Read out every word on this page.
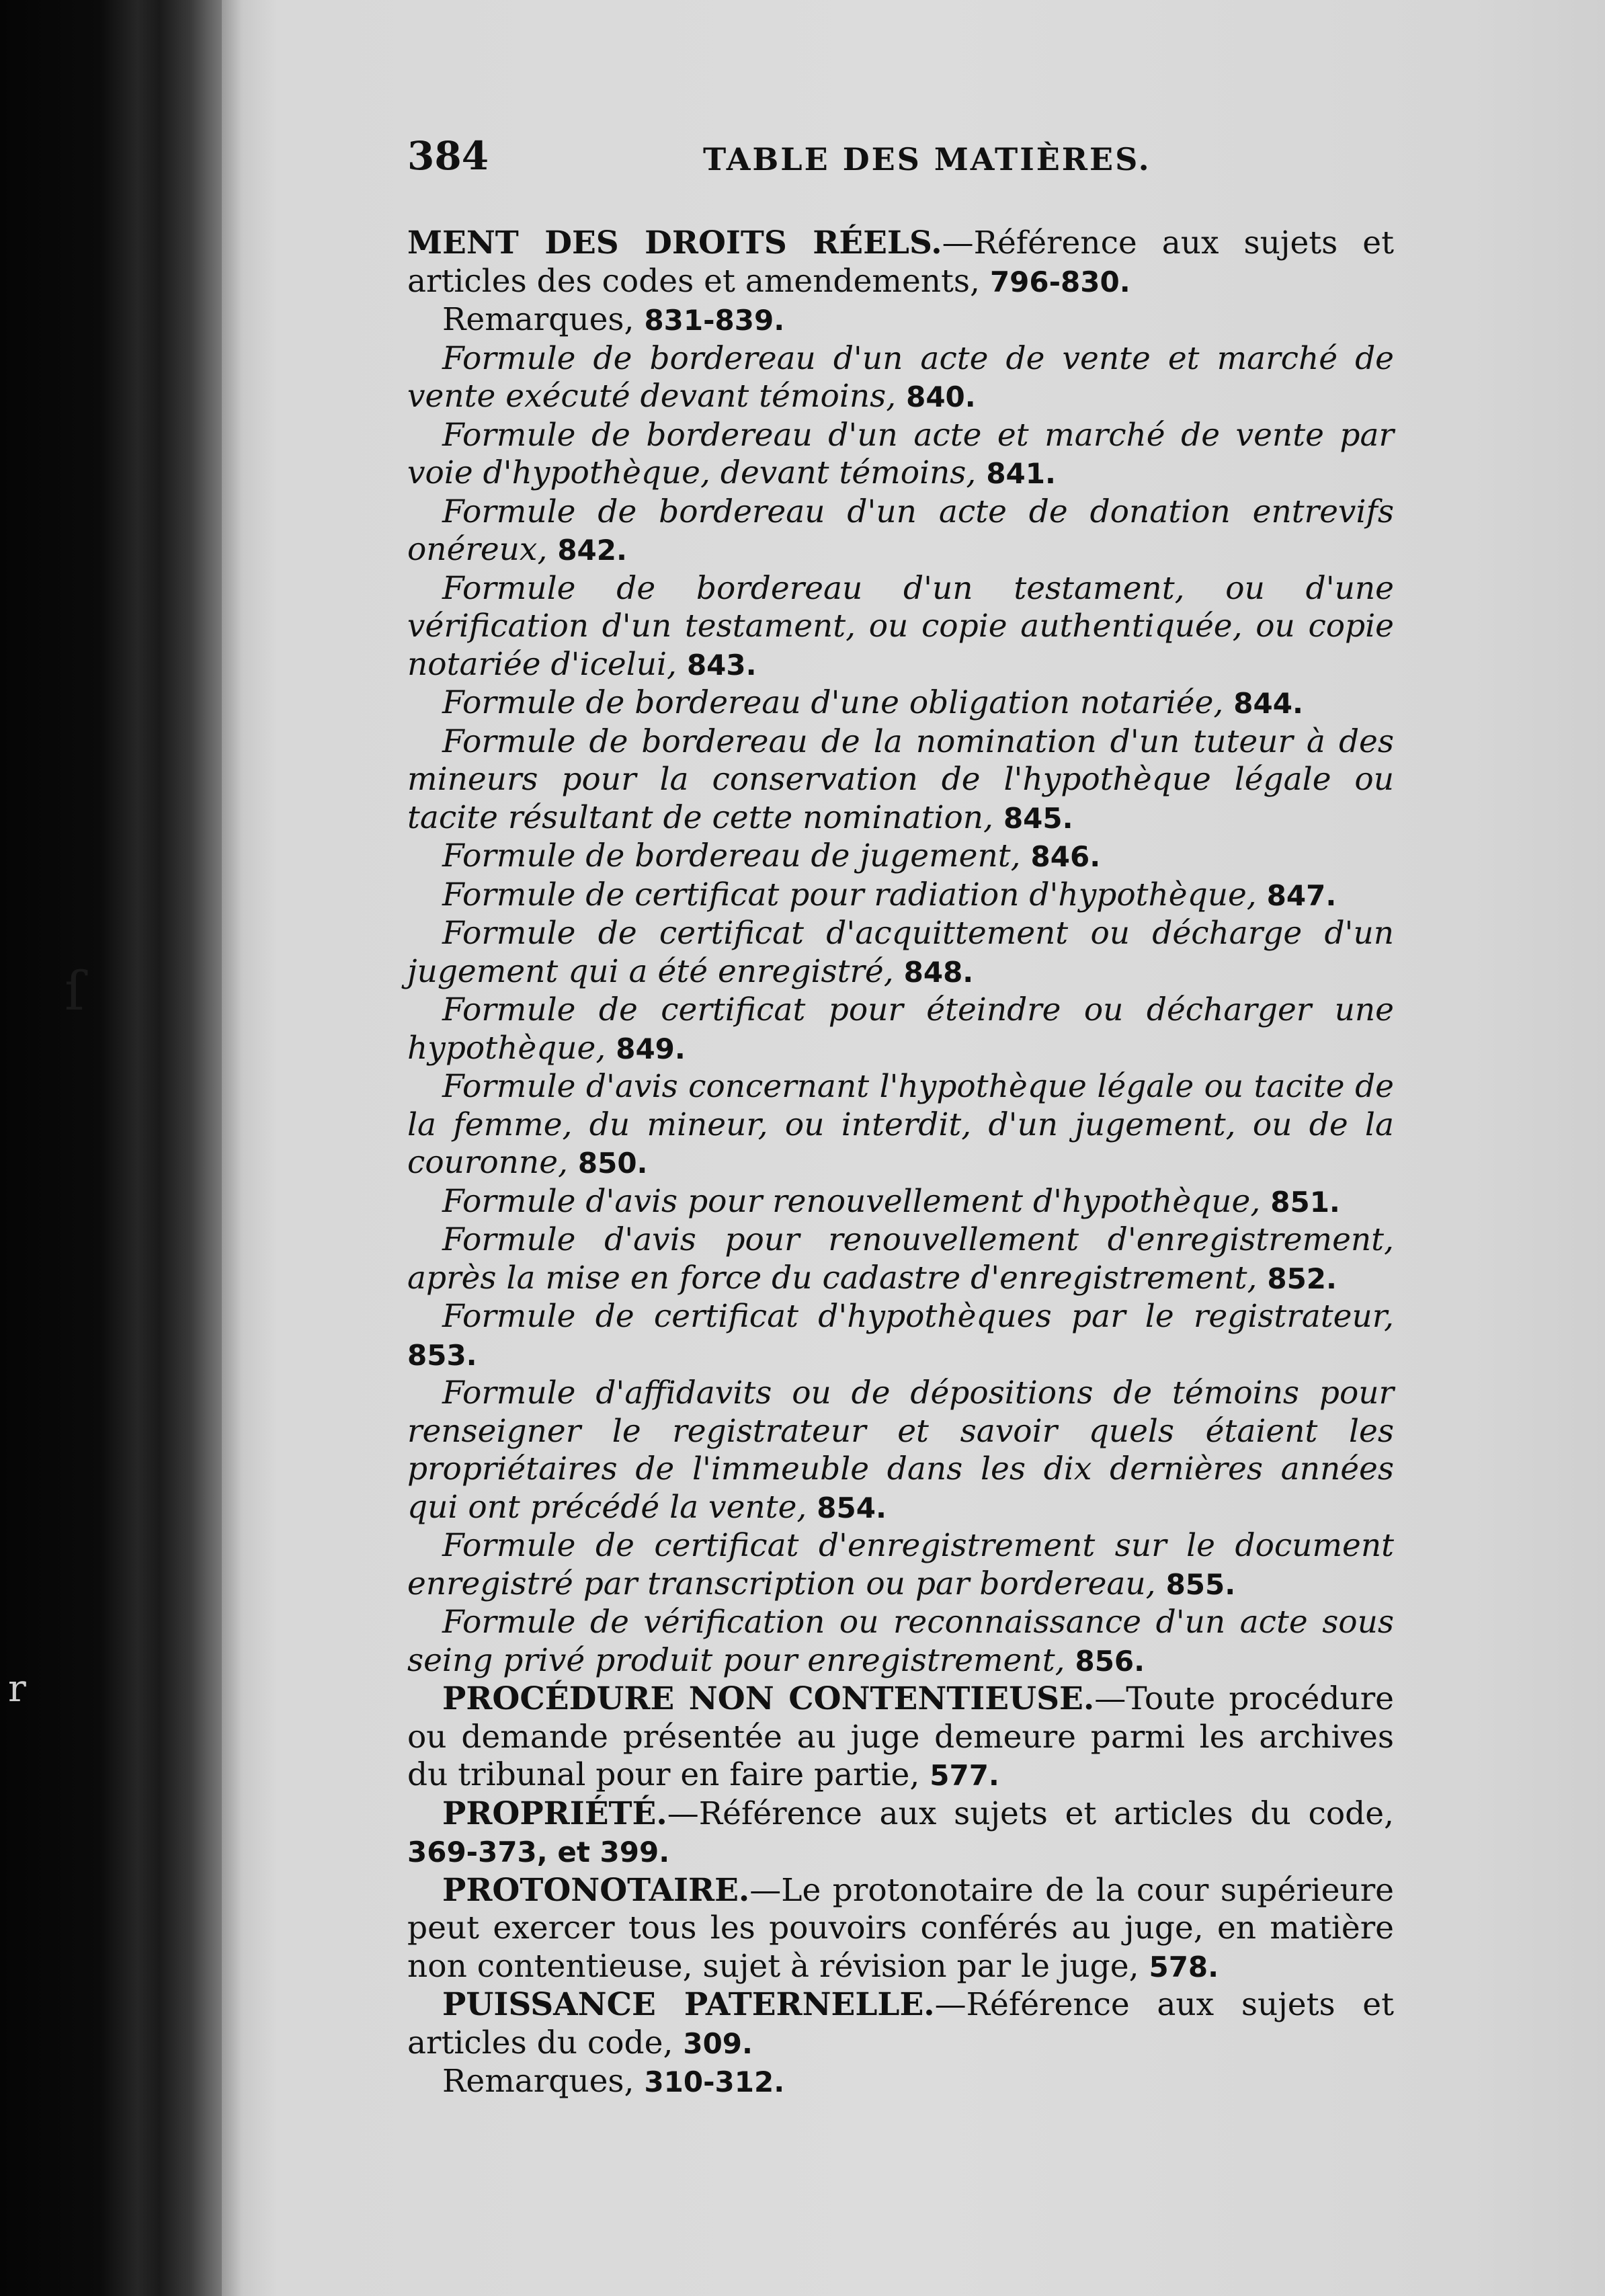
ſ
r
384	TABLE DES MATIÈRES.

MENT DES DROITS RÉELS.—Référence aux sujets et articles des codes et amendements, 796-830.

Remarques, 831-839.

Formule de bordereau d'un acte de vente et marché de vente exécuté devant témoins, 840.

Formule de bordereau d'un acte et marché de vente par voie d'hypothèque, devant témoins, 841.

Formule de bordereau d'un acte de donation entrevifs onéreux, 842.

Formule de bordereau d'un testament, ou d'une vérification d'un testament, ou copie authentiquée, ou copie notariée d'icelui, 843.

Formule de bordereau d'une obligation notariée, 844.

Formule de bordereau de la nomination d'un tuteur à des mineurs pour la conservation de l'hypothèque légale ou tacite résultant de cette nomination, 845.

Formule de bordereau de jugement, 846.

Formule de certificat pour radiation d'hypothèque, 847.

Formule de certificat d'acquittement ou décharge d'un jugement qui a été enregistré, 848.

Formule de certificat pour éteindre ou décharger une hypothèque, 849.

Formule d'avis concernant l'hypothèque légale ou tacite de la femme, du mineur, ou interdit, d'un jugement, ou de la couronne, 850.

Formule d'avis pour renouvellement d'hypothèque, 851.

Formule d'avis pour renouvellement d'enregistrement, après la mise en force du cadastre d'enregistrement, 852.

Formule de certificat d'hypothèques par le registrateur, 853.

Formule d'affidavits ou de dépositions de témoins pour renseigner le registrateur et savoir quels étaient les propriétaires de l'immeuble dans les dix dernières années qui ont précédé la vente, 854.

Formule de certificat d'enregistrement sur le document enregistré par transcription ou par bordereau, 855.

Formule de vérification ou reconnaissance d'un acte sous seing privé produit pour enregistrement, 856.

PROCÉDURE NON CONTENTIEUSE.—Toute procédure ou demande présentée au juge demeure parmi les archives du tribunal pour en faire partie, 577.

PROPRIÉTÉ.—Référence aux sujets et articles du code, 369-373, et 399.

PROTONOTAIRE.—Le protonotaire de la cour supérieure peut exercer tous les pouvoirs conférés au juge, en matière non contentieuse, sujet à révision par le juge, 578.

PUISSANCE PATERNELLE.—Référence aux sujets et articles du code, 309.

Remarques, 310-312.
